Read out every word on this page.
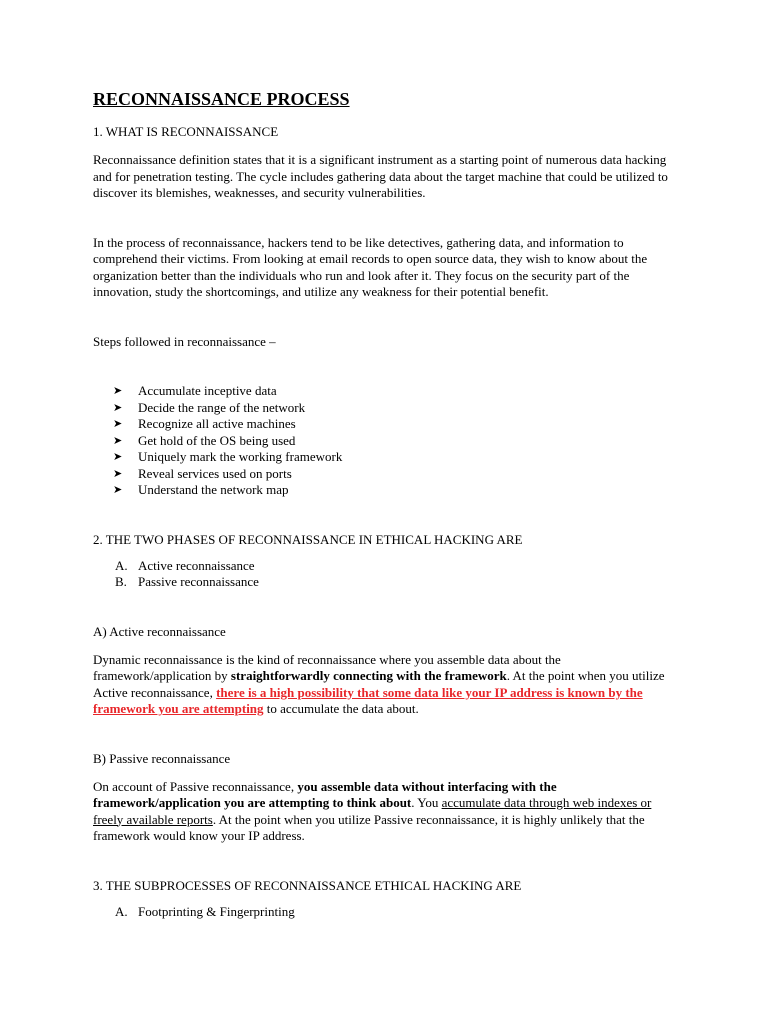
RECONNAISSANCE PROCESS
1. WHAT IS RECONNAISSANCE

Reconnaissance definition states that it is a significant instrument as a starting point of numerous data hacking and for penetration testing. The cycle includes gathering data about the target machine that could be utilized to discover its blemishes, weaknesses, and security vulnerabilities.

In the process of reconnaissance, hackers tend to be like detectives, gathering data, and information to comprehend their victims. From looking at email records to open source data, they wish to know about the organization better than the individuals who run and look after it. They focus on the security part of the innovation, study the shortcomings, and utilize any weakness for their potential benefit.

Steps followed in reconnaissance –

➤ Accumulate inceptive data
➤ Decide the range of the network
➤ Recognize all active machines
➤ Get hold of the OS being used
➤ Uniquely mark the working framework
➤ Reveal services used on ports
➤ Understand the network map
2. THE TWO PHASES OF RECONNAISSANCE IN ETHICAL HACKING ARE
A. Active reconnaissance
B. Passive reconnaissance
A) Active reconnaissance

Dynamic reconnaissance is the kind of reconnaissance where you assemble data about the framework/application by straightforwardly connecting with the framework. At the point when you utilize Active reconnaissance, there is a high possibility that some data like your IP address is known by the framework you are attempting to accumulate the data about.

B) Passive reconnaissance

On account of Passive reconnaissance, you assemble data without interfacing with the framework/application you are attempting to think about. You accumulate data through web indexes or freely available reports. At the point when you utilize Passive reconnaissance, it is highly unlikely that the framework would know your IP address.

3. THE SUBPROCESSES OF RECONNAISSANCE ETHICAL HACKING ARE
A. Footprinting & Fingerprinting
